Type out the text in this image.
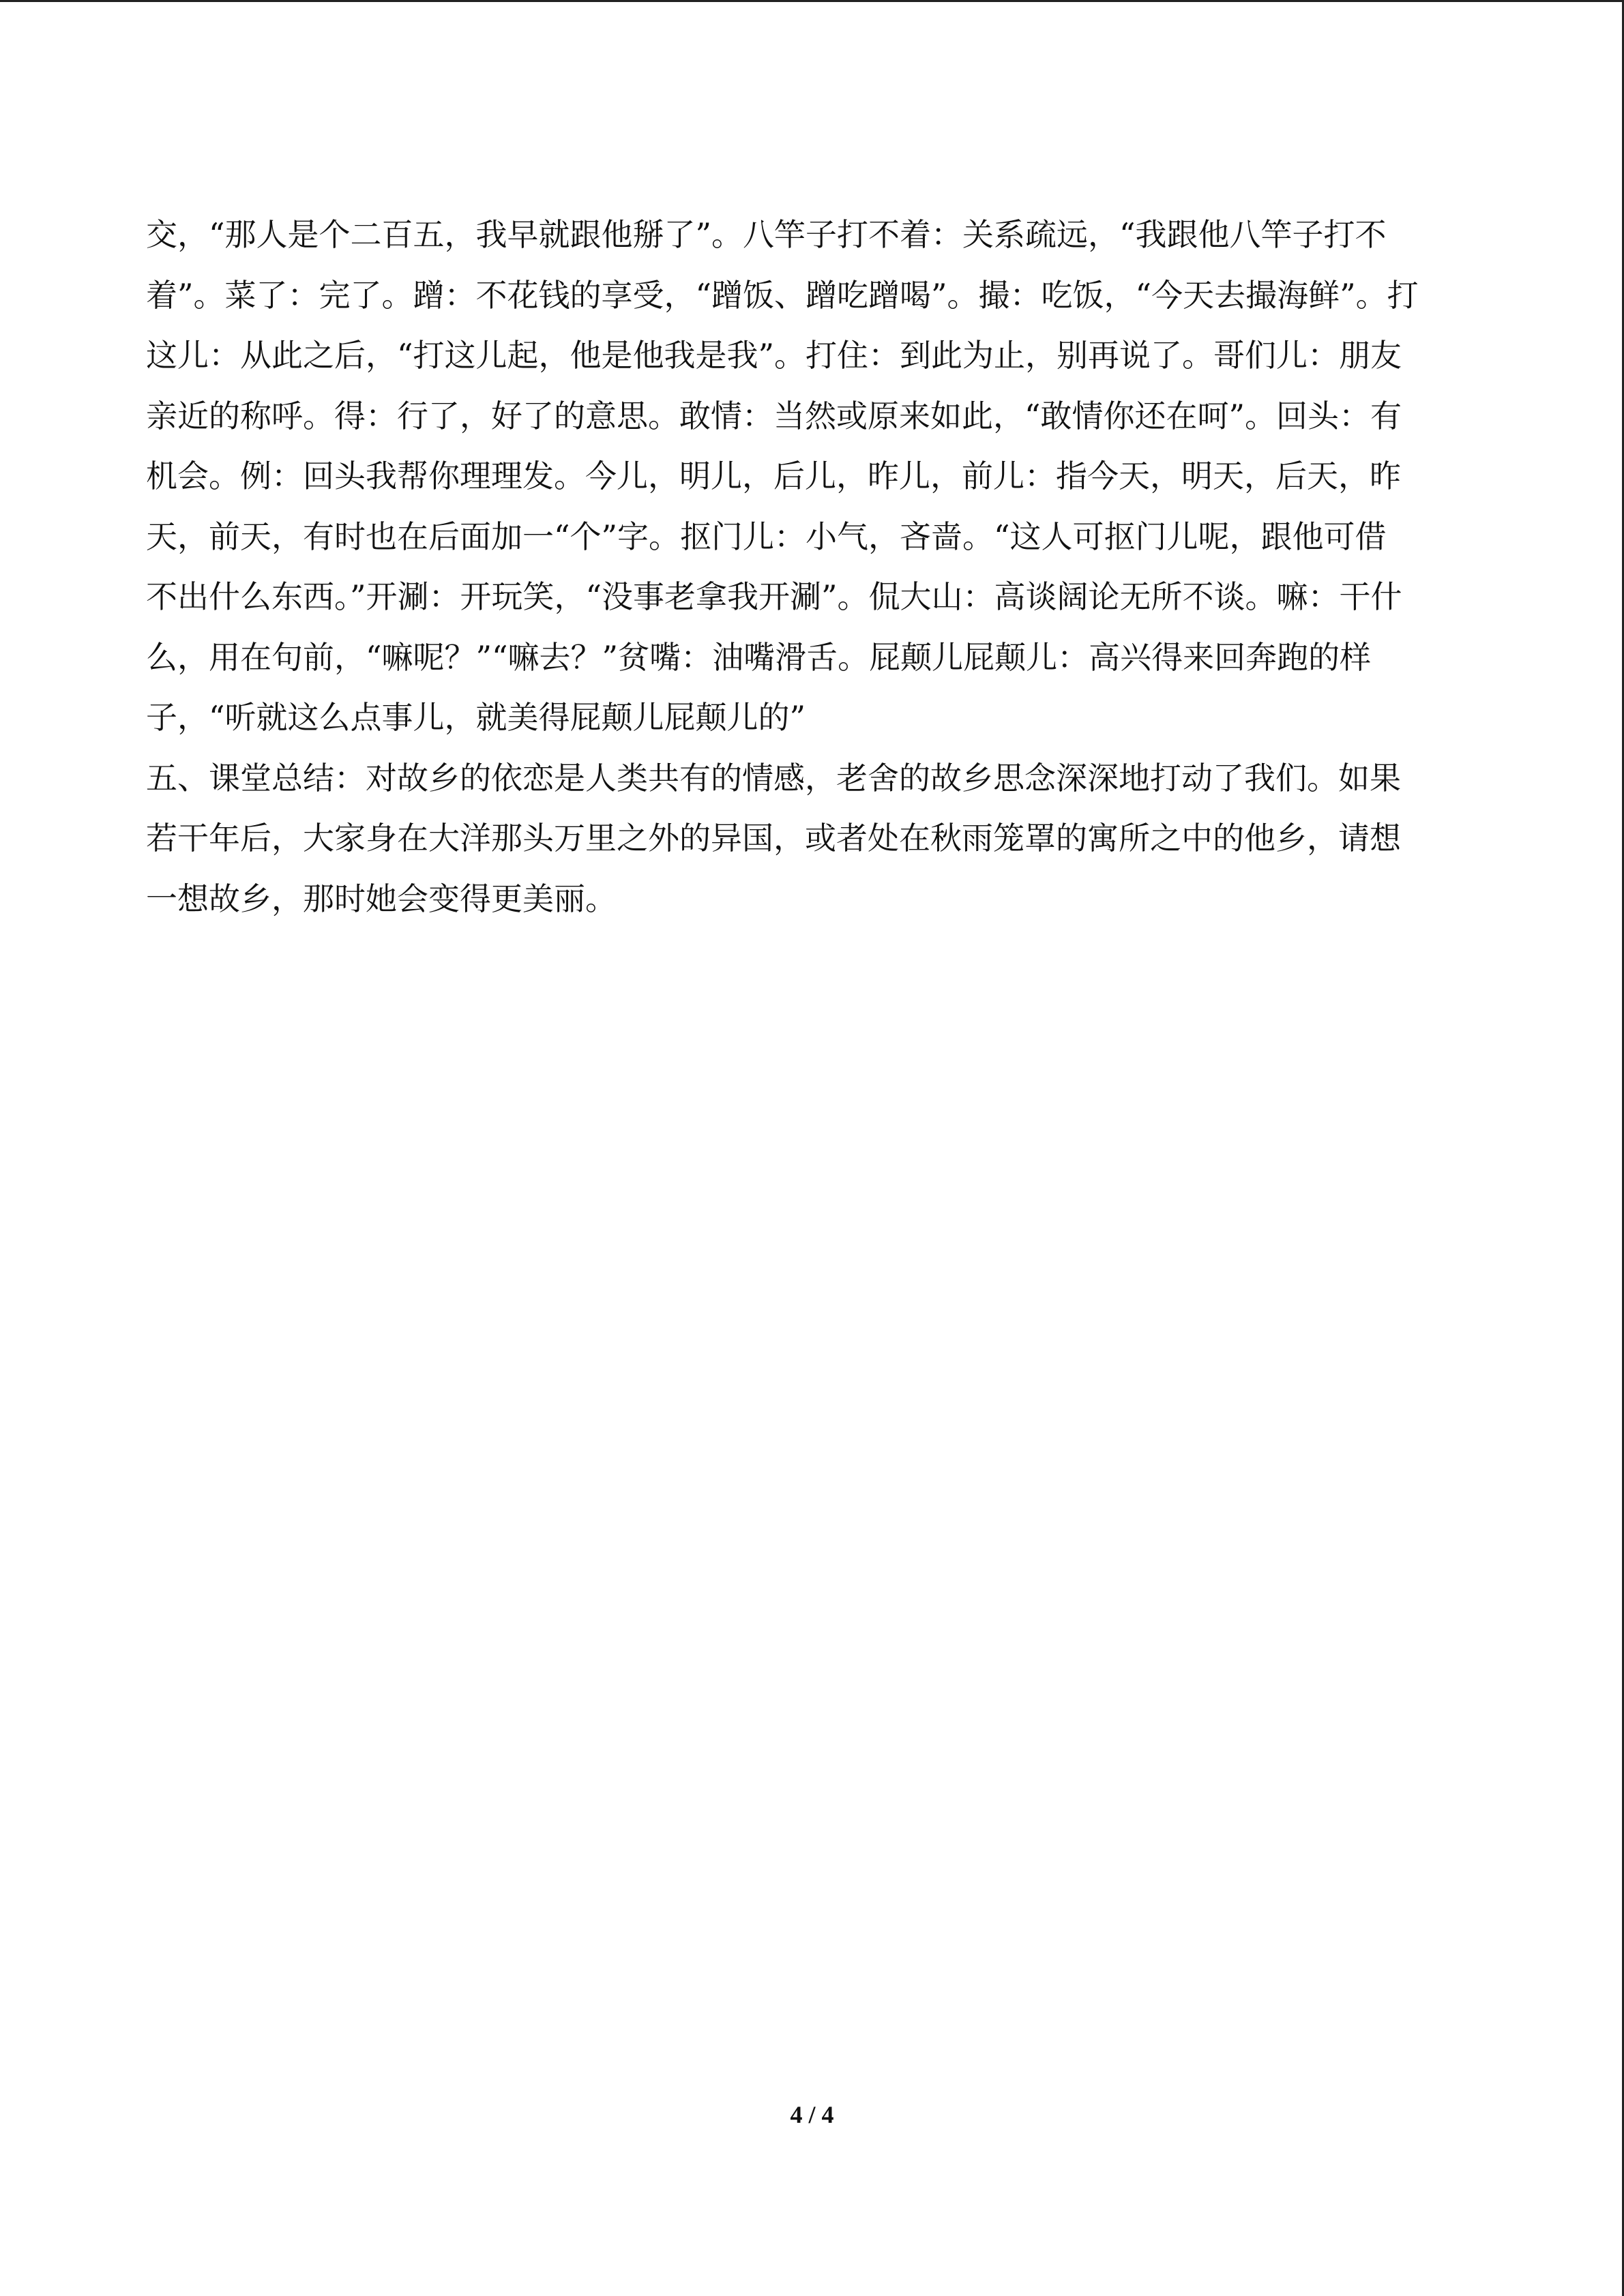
交，“那人是个二百五，我早就跟他掰了”。八竿子打不着：关系疏远，“我跟他八竿子打不
着”。菜了：完了。蹭：不花钱的享受，“蹭饭、蹭吃蹭喝”。撮：吃饭，“今天去撮海鲜”。打
这儿：从此之后，“打这儿起，他是他我是我”。打住：到此为止，别再说了。哥们儿：朋友
亲近的称呼。得：行了，好了的意思。敢情：当然或原来如此，“敢情你还在呵”。回头：有
机会。例：回头我帮你理理发。今儿，明儿，后儿，昨儿，前儿：指今天，明天，后天，昨
天，前天，有时也在后面加一“个”字。抠门儿：小气，吝啬。“这人可抠门儿呢，跟他可借
不出什么东西。”开涮：开玩笑，“没事老拿我开涮”。侃大山：高谈阔论无所不谈。嘛：干什
么，用在句前，“嘛呢？”“嘛去？”贫嘴：油嘴滑舌。屁颠儿屁颠儿：高兴得来回奔跑的样
子，“听就这么点事儿，就美得屁颠儿屁颠儿的”
五、课堂总结：对故乡的依恋是人类共有的情感，老舍的故乡思念深深地打动了我们。如果
若干年后，大家身在大洋那头万里之外的异国，或者处在秋雨笼罩的寓所之中的他乡，请想
一想故乡，那时她会变得更美丽。
4 / 4
